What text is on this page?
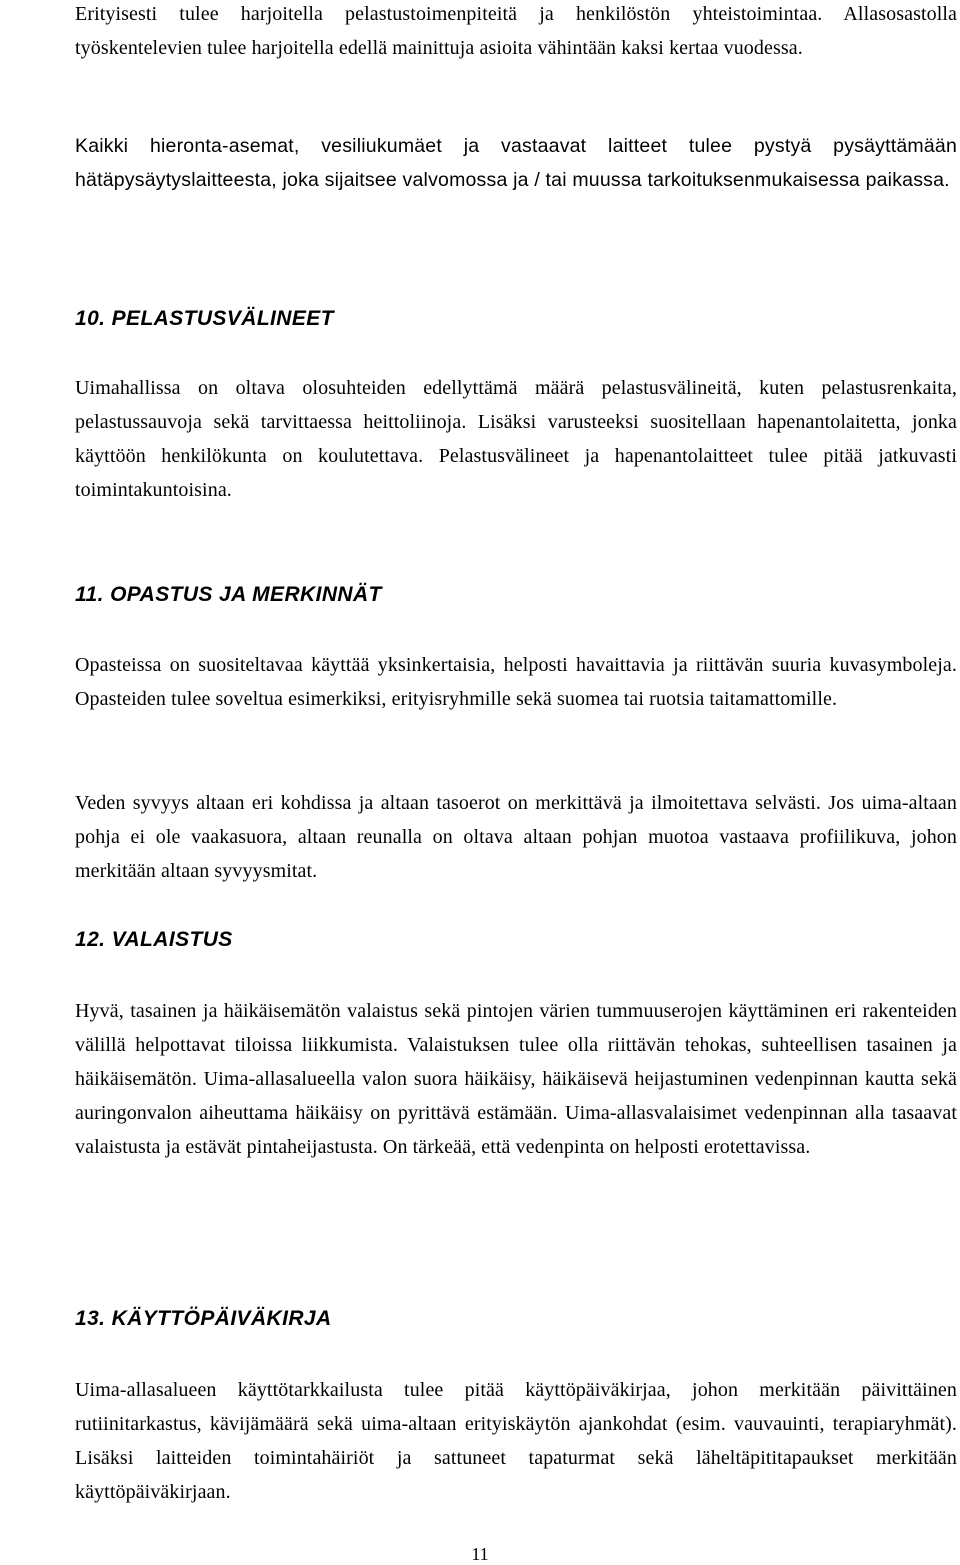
Erityisesti tulee harjoitella pelastustoimenpiteitä ja henkilöstön yhteistoimintaa. Allasosastolla työskentelevien tulee harjoitella edellä mainittuja asioita vähintään kaksi kertaa vuodessa.

Kaikki hieronta-asemat, vesiliukumäet ja vastaavat laitteet tulee pystyä pysäyttämään hätäpysäytyslaitteesta, joka sijaitsee valvomossa ja / tai muussa tarkoituksenmukaisessa paikassa.

10. PELASTUSVÄLINEET

Uimahallissa on oltava olosuhteiden edellyttämä määrä pelastusvälineitä, kuten pelastusrenkaita, pelastussauvoja sekä tarvittaessa heittoliinoja. Lisäksi varusteeksi suositellaan hapenantolaitetta, jonka käyttöön henkilökunta on koulutettava. Pelastusvälineet ja hapenantolaitteet tulee pitää jatkuvasti toimintakuntoisina.

11. OPASTUS JA MERKINNÄT

Opasteissa on suositeltavaa käyttää yksinkertaisia, helposti havaittavia ja riittävän suuria kuvasymboleja. Opasteiden tulee soveltua esimerkiksi, erityisryhmille sekä suomea tai ruotsia taitamattomille.

Veden syvyys altaan eri kohdissa ja altaan tasoerot on merkittävä ja ilmoitettava selvästi. Jos uima-altaan pohja ei ole vaakasuora, altaan reunalla on oltava altaan pohjan muotoa vastaava profiilikuva, johon merkitään altaan syvyysmitat.

12. VALAISTUS

Hyvä, tasainen ja häikäisemätön valaistus sekä pintojen värien tummuuserojen käyttäminen eri rakenteiden välillä helpottavat tiloissa liikkumista. Valaistuksen tulee olla riittävän tehokas, suhteellisen tasainen ja häikäisemätön. Uima-allasalueella valon suora häikäisy, häikäisevä heijastuminen vedenpinnan kautta sekä auringonvalon aiheuttama häikäisy on pyrittävä estämään. Uima-allasvalaisimet vedenpinnan alla tasaavat valaistusta ja estävät pintaheijastusta. On tärkeää, että vedenpinta on helposti erotettavissa.

13. KÄYTTÖPÄIVÄKIRJA

Uima-allasalueen käyttötarkkailusta tulee pitää käyttöpäiväkirjaa, johon merkitään päivittäinen rutiinitarkastus, kävijämäärä sekä uima-altaan erityiskäytön ajankohdat (esim. vauvauinti, terapiaryhmät). Lisäksi laitteiden toimintahäiriöt ja sattuneet tapaturmat sekä läheltäpititapaukset merkitään käyttöpäiväkirjaan.

11
